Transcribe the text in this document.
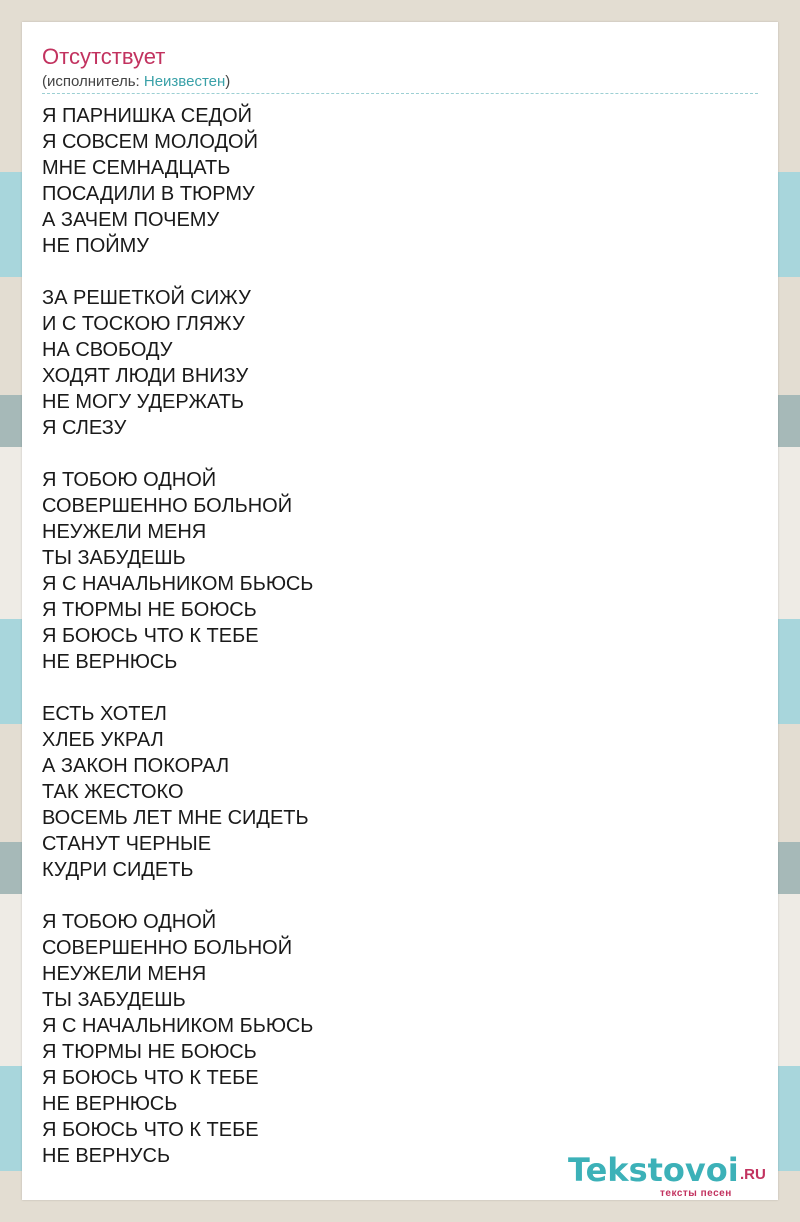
Отсутствует
(исполнитель: Неизвестен)
Я ПАРНИШКА СЕДОЙ
Я СОВСЕМ МОЛОДОЙ
МНЕ СЕМНАДЦАТЬ
ПОСАДИЛИ В ТЮРМУ
А ЗАЧЕМ ПОЧЕМУ
НЕ ПОЙМУ
ЗА РЕШЕТКОЙ СИЖУ
И С ТОСКОЮ ГЛЯЖУ
НА СВОБОДУ
ХОДЯТ ЛЮДИ ВНИЗУ
НЕ МОГУ УДЕРЖАТЬ
Я СЛЕЗУ
Я ТОБОЮ ОДНОЙ
СОВЕРШЕННО БОЛЬНОЙ
НЕУЖЕЛИ МЕНЯ
ТЫ ЗАБУДЕШЬ
Я С НАЧАЛЬНИКОМ БЬЮСЬ
Я ТЮРМЫ НЕ БОЮСЬ
Я БОЮСЬ ЧТО К ТЕБЕ
НЕ ВЕРНЮСЬ
ЕСТЬ ХОТЕЛ
ХЛЕБ УКРАЛ
А ЗАКОН ПОКОРАЛ
ТАК ЖЕСТОКО
ВОСЕМЬ ЛЕТ МНЕ СИДЕТЬ
СТАНУТ ЧЕРНЫЕ
КУДРИ СИДЕТЬ
Я ТОБОЮ ОДНОЙ
СОВЕРШЕННО БОЛЬНОЙ
НЕУЖЕЛИ МЕНЯ
ТЫ ЗАБУДЕШЬ
Я С НАЧАЛЬНИКОМ БЬЮСЬ
Я ТЮРМЫ НЕ БОЮСЬ
Я БОЮСЬ ЧТО К ТЕБЕ
НЕ ВЕРНЮСЬ
Я БОЮСЬ ЧТО К ТЕБЕ
НЕ ВЕРНУСЬ	Tekstovoi .RU
тексты песен
